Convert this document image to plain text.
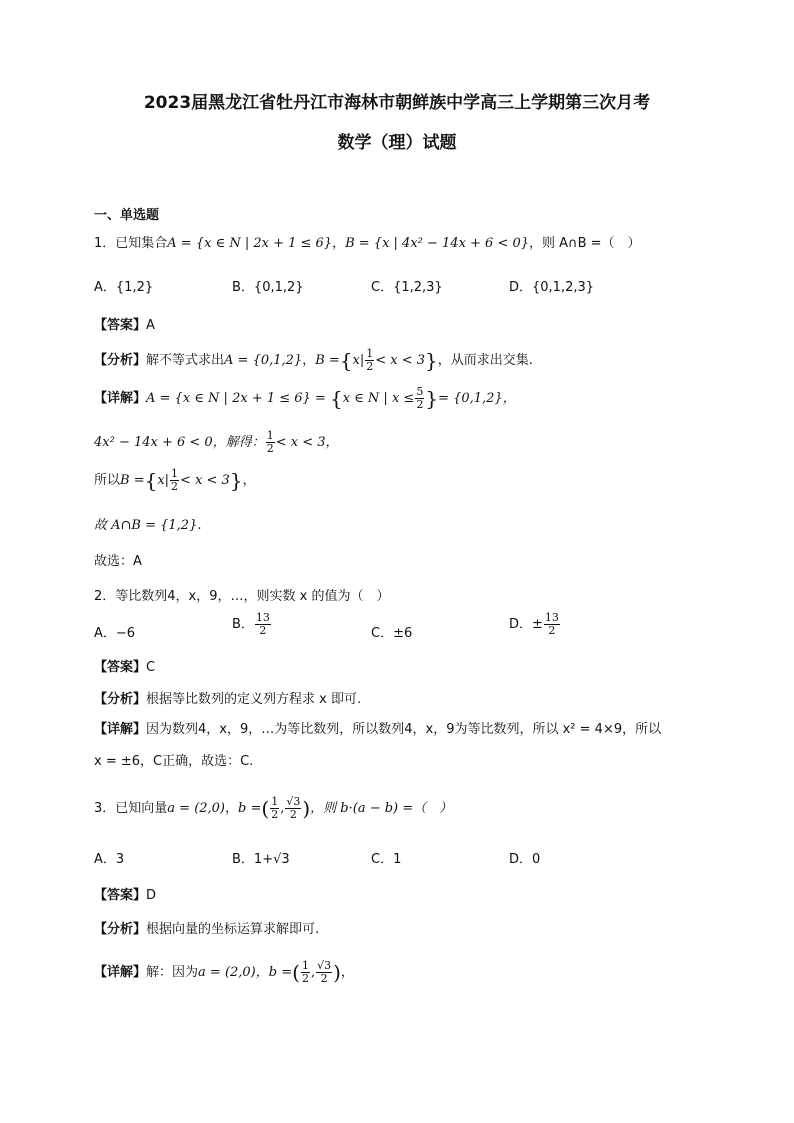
2023届黑龙江省牡丹江市海林市朝鲜族中学高三上学期第三次月考
数学（理）试题
一、单选题
1．已知集合A = {x ∈ N | 2x + 1 ≤ 6}，B = {x | 4x² − 14x + 6 < 0}，则 A∩B =（　）
A．{1,2}	B．{0,1,2}	C．{1,2,3}	D．{0,1,2,3}
【答案】A
【分析】解不等式求出A = {0,1,2}，$B =\{x| \frac{1}{2} < x < 3\}$，从而求出交集.
【详解】A = {x ∈ N | 2x + 1 ≤ 6} = {x ∈ N | $x \le \frac{5}{2}$ }= {0,1,2}，
4x² − 14x + 6 < 0，解得： $\frac{1}{2} < x < 3$，
所以$B =\{x| \frac{1}{2} < x < 3\}$，
故 A∩B = {1,2}.
故选：A
2．等比数列4，x，9，…，则实数 x 的值为（　）
A．−6
B． $\frac{13}{2}$	C．±6
D．± $\frac{13}{2}$
【答案】C
【分析】根据等比数列的定义列方程求 x 即可.
【详解】因为数列4，x，9，…为等比数列，所以数列4，x，9为等比数列，所以 x² = 4×9，所以
x = ±6，C正确，故选：C.
3．已知向量a = (2,0)，b =( $\frac{1}{2}$ , $\frac{√3}{2}$ )，则 b·(a − b) =（　）
A．3	B．1+√3	C．1	D．0
【答案】D
【分析】根据向量的坐标运算求解即可.
【详解】解：因为a = (2,0)，b =( $\frac{1}{2}$ , $\frac{√3}{2}$ )，
